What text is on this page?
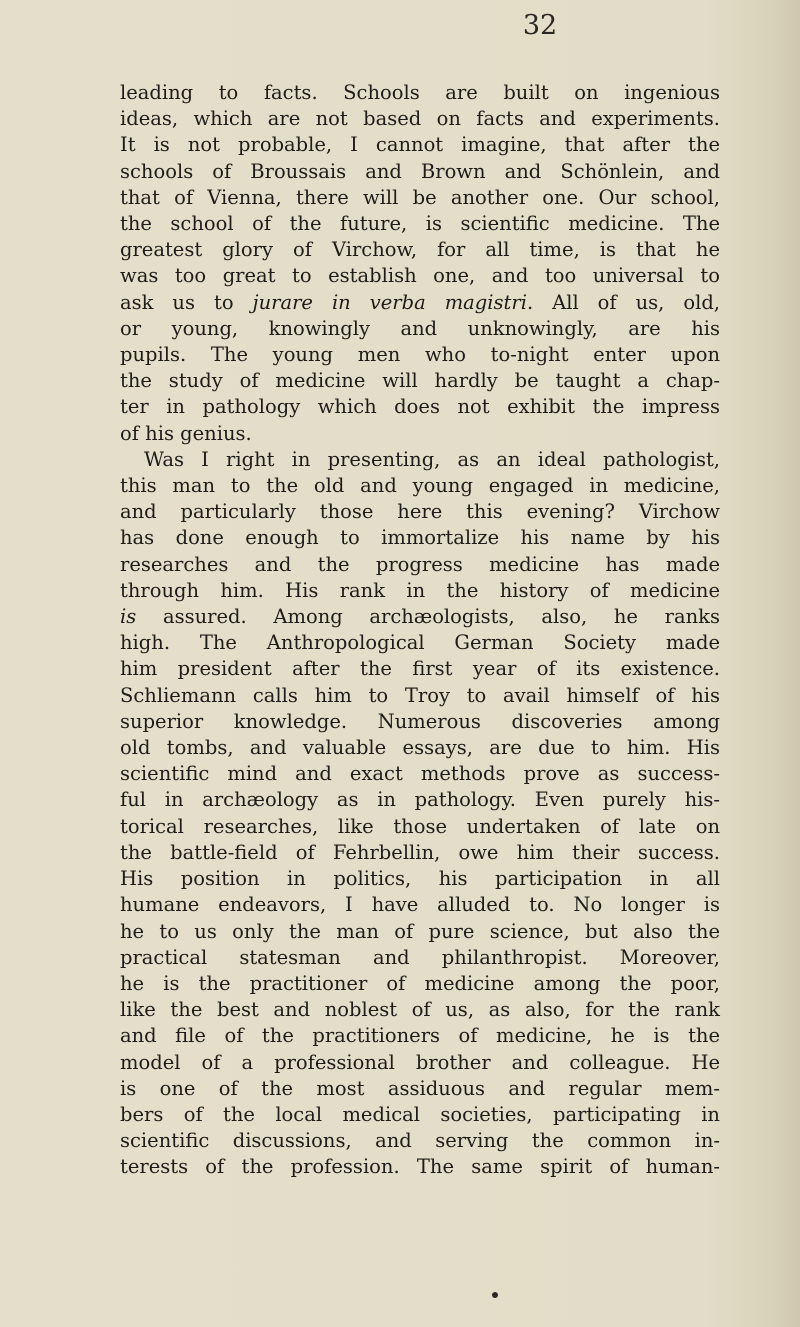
32
leading to facts. Schools are built on ingenious
ideas, which are not based on facts and experiments.
It is not probable, I cannot imagine, that after the
schools of Broussais and Brown and Schönlein, and
that of Vienna, there will be another one. Our school,
the school of the future, is scientific medicine. The
greatest glory of Virchow, for all time, is that he
was too great to establish one, and too universal to
ask us to jurare in verba magistri. All of us, old,
or young, knowingly and unknowingly, are his
pupils. The young men who to-night enter upon
the study of medicine will hardly be taught a chap-
ter in pathology which does not exhibit the impress
of his genius.
Was I right in presenting, as an ideal pathologist,
this man to the old and young engaged in medicine,
and particularly those here this evening? Virchow
has done enough to immortalize his name by his
researches and the progress medicine has made
through him. His rank in the history of medicine
is assured. Among archæologists, also, he ranks
high. The Anthropological German Society made
him president after the first year of its existence.
Schliemann calls him to Troy to avail himself of his
superior knowledge. Numerous discoveries among
old tombs, and valuable essays, are due to him. His
scientific mind and exact methods prove as success-
ful in archæology as in pathology. Even purely his-
torical researches, like those undertaken of late on
the battle-field of Fehrbellin, owe him their success.
His position in politics, his participation in all
humane endeavors, I have alluded to. No longer is
he to us only the man of pure science, but also the
practical statesman and philanthropist. Moreover,
he is the practitioner of medicine among the poor,
like the best and noblest of us, as also, for the rank
and file of the practitioners of medicine, he is the
model of a professional brother and colleague. He
is one of the most assiduous and regular mem-
bers of the local medical societies, participating in
scientific discussions, and serving the common in-
terests of the profession. The same spirit of human-
